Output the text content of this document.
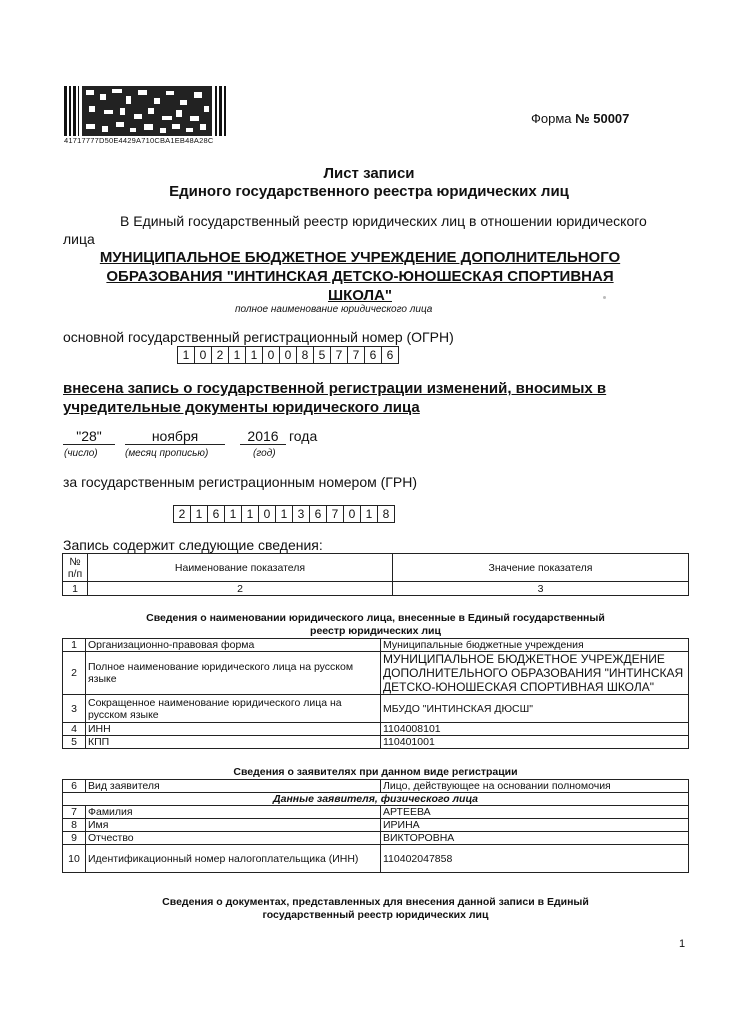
41717777D50E4429A710CBA1EB48A28C
Форма № 50007
Лист записи
Единого государственного реестра юридических лиц
В Единый государственный реестр юридических лиц в отношении юридического
лица
МУНИЦИПАЛЬНОЕ БЮДЖЕТНОЕ УЧРЕЖДЕНИЕ ДОПОЛНИТЕЛЬНОГО
ОБРАЗОВАНИЯ "ИНТИНСКАЯ ДЕТСКО-ЮНОШЕСКАЯ СПОРТИВНАЯ
ШКОЛА"
полное наименование юридического лица
основной государственный регистрационный номер (ОГРН)
1 0 2 1 1 0 0 8 5 7 7 6 6
внесена запись о государственной регистрации изменений, вносимых в
учредительные документы юридического лица
"28"	ноября	2016 года
(число)	(месяц прописью)	(год)
за государственным регистрационным номером (ГРН)
2 1 6 1 1 0 1 3 6 7 0 1 8
Запись содержит следующие сведения:
№ п/п	Наименование показателя	Значение показателя
1	2	3
Сведения о наименовании юридического лица, внесенные в Единый государственный реестр юридических лиц
1	Организационно-правовая форма	Муниципальные бюджетные учреждения
2	Полное наименование юридического лица на русском языке	МУНИЦИПАЛЬНОЕ БЮДЖЕТНОЕ УЧРЕЖДЕНИЕ ДОПОЛНИТЕЛЬНОГО ОБРАЗОВАНИЯ "ИНТИНСКАЯ ДЕТСКО-ЮНОШЕСКАЯ СПОРТИВНАЯ ШКОЛА"
3	Сокращенное наименование юридического лица на русском языке	МБУДО "ИНТИНСКАЯ ДЮСШ"
4	ИНН	1104008101
5	КПП	110401001
Сведения о заявителях при данном виде регистрации
6	Вид заявителя	Лицо, действующее на основании полномочия
Данные заявителя, физического лица		
7	Фамилия	АРТЕЕВА
8	Имя	ИРИНА
9	Отчество	ВИКТОРОВНА
10	Идентификационный номер налогоплательщика (ИНН)	110402047858
Сведения о документах, представленных для внесения данной записи в Единый государственный реестр юридических лиц
1
